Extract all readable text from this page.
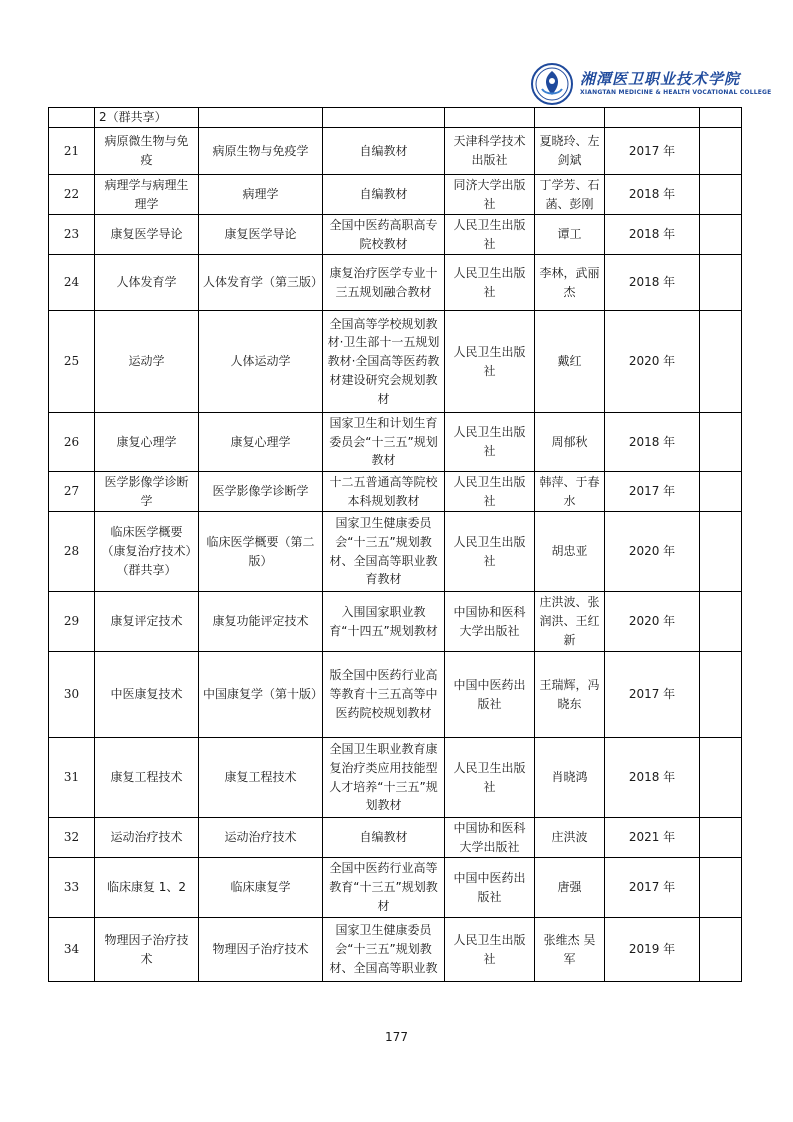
湘潭医卫职业技术学院
XIANGTAN MEDICINE & HEALTH VOCATIONAL COLLEGE
	2（群共享）						
21	病原微生物与免疫	病原生物与免疫学	自编教材	天津科学技术出版社	夏晓玲、左剑斌	2017 年	
22	病理学与病理生理学	病理学	自编教材	同济大学出版社	丁学芳、石菡、彭刚	2018 年	
23	康复医学导论	康复医学导论	全国中医药高职高专院校教材	人民卫生出版社	谭工	2018 年	
24	人体发育学	人体发育学（第三版）	康复治疗医学专业十三五规划融合教材	人民卫生出版社	李林，武丽杰	2018 年	
25	运动学	人体运动学	全国高等学校规划教材·卫生部十一五规划教材·全国高等医药教材建设研究会规划教材	人民卫生出版社	戴红	2020 年	
26	康复心理学	康复心理学	国家卫生和计划生育委员会“十三五”规划教材	人民卫生出版社	周郁秋	2018 年	
27	医学影像学诊断学	医学影像学诊断学	十二五普通高等院校本科规划教材	人民卫生出版社	韩萍、于春水	2017 年	
28	临床医学概要（康复治疗技术）（群共享）	临床医学概要（第二版）	国家卫生健康委员会“十三五”规划教材、全国高等职业教育教材	人民卫生出版社	胡忠亚	2020 年	
29	康复评定技术	康复功能评定技术	入围国家职业教育“十四五”规划教材	中国协和医科大学出版社	庄洪波、张润洪、王红新	2020 年	
30	中医康复技术	中国康复学（第十版）	版全国中医药行业高等教育十三五高等中医药院校规划教材	中国中医药出版社	王瑞辉，冯晓东	2017 年	
31	康复工程技术	康复工程技术	全国卫生职业教育康复治疗类应用技能型人才培养“十三五”规划教材	人民卫生出版社	肖晓鸿	2018 年	
32	运动治疗技术	运动治疗技术	自编教材	中国协和医科大学出版社	庄洪波	2021 年	
33	临床康复 1、2	临床康复学	全国中医药行业高等教育“十三五”规划教材	中国中医药出版社	唐强	2017 年	
34	物理因子治疗技术	物理因子治疗技术	国家卫生健康委员会“十三五”规划教材、全国高等职业教	人民卫生出版社	张维杰 吴军	2019 年	
177
